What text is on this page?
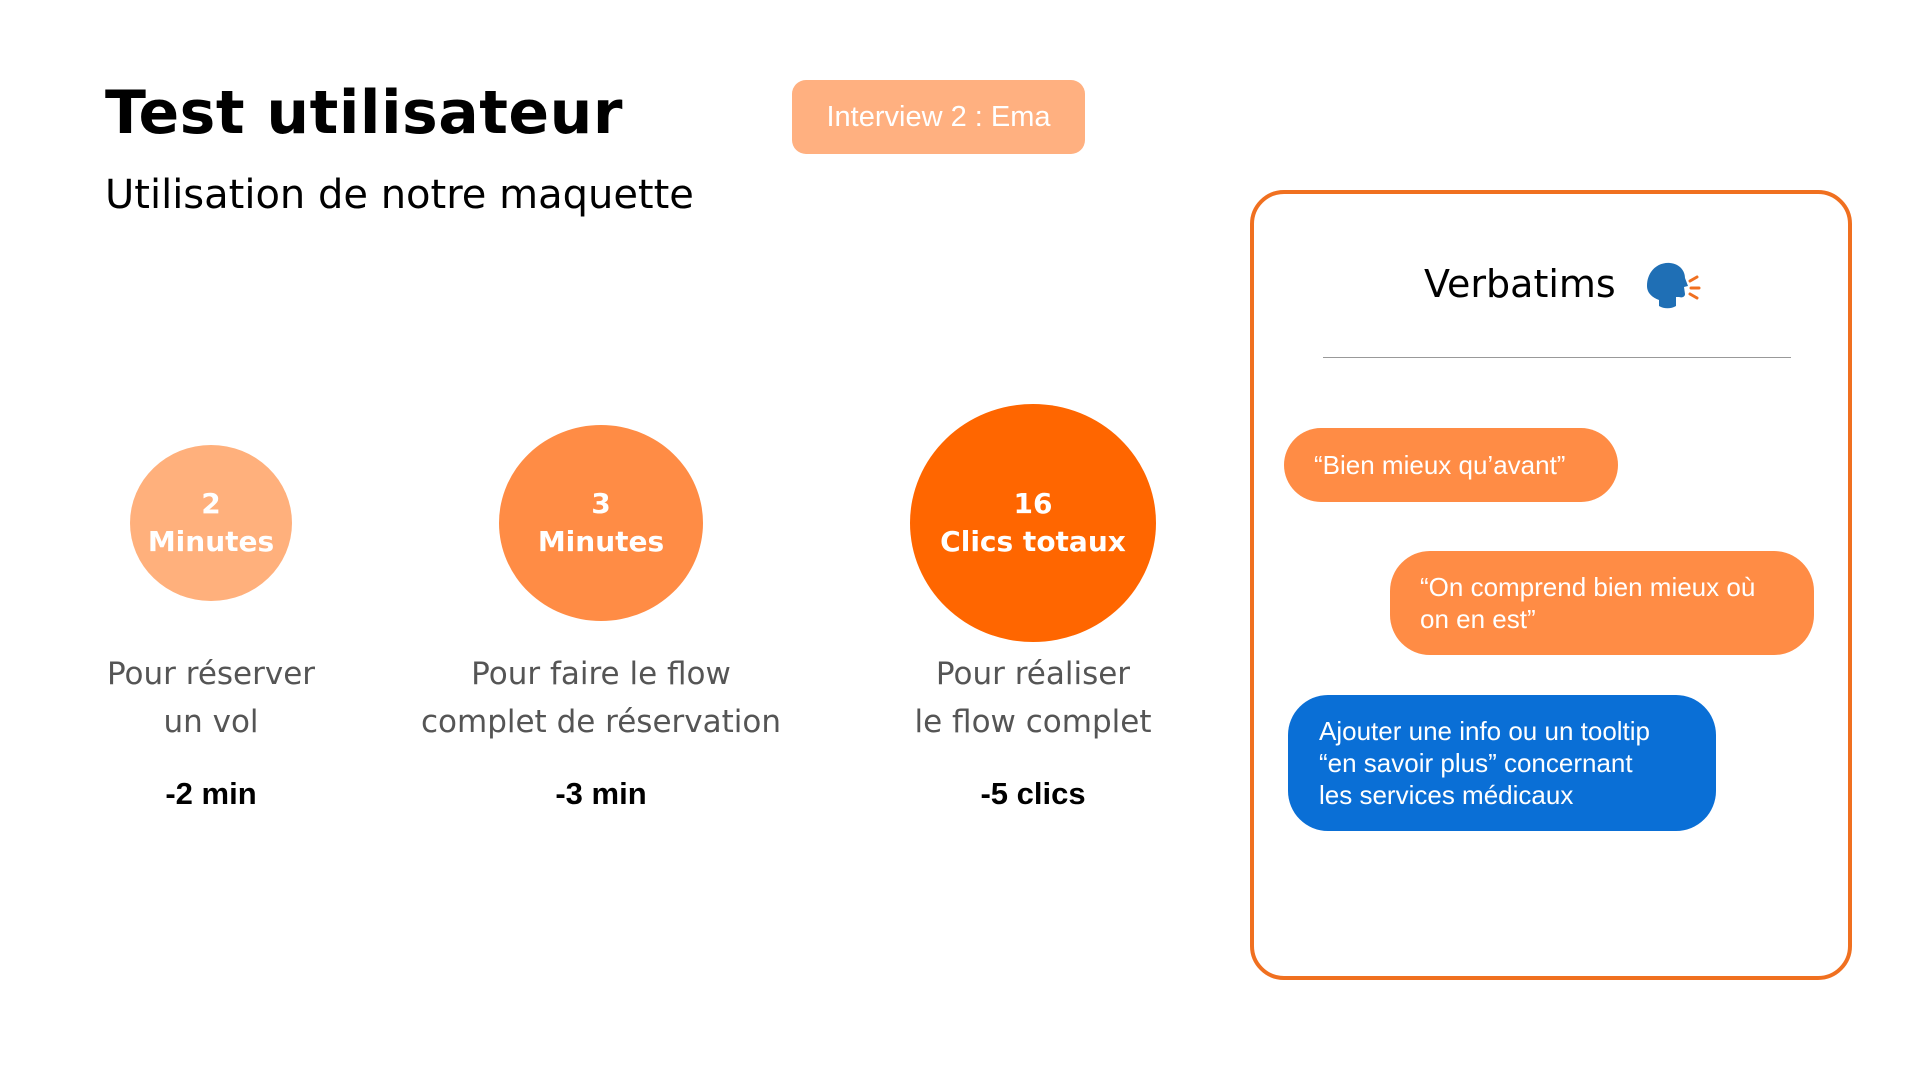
Test utilisateur
Utilisation de notre maquette
Interview 2 : Ema
2
Minutes
Pour réserver
un vol
-2 min
3
Minutes
Pour faire le flow
complet de réservation
-3 min
16
Clics totaux
Pour réaliser
le flow complet
-5 clics
Verbatims
“Bien mieux qu’avant”
“On comprend bien mieux où
on en est”
Ajouter une info ou un tooltip
“en savoir plus” concernant
les services médicaux
